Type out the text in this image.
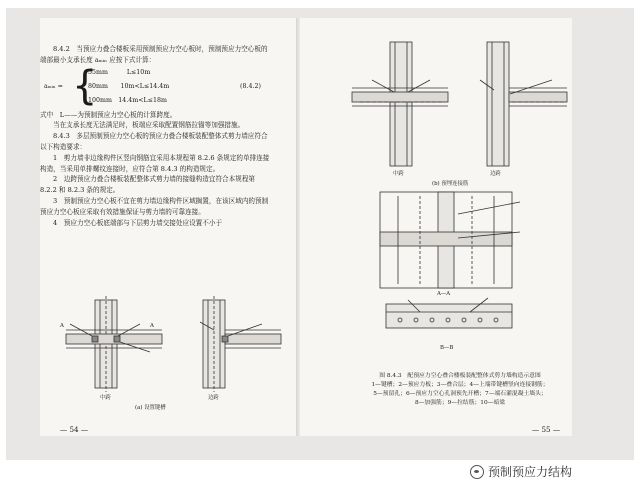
8.4.2　当预应力叠合楼板采用预制预应力空心板时，预制预应力空心板的端部最小支承长度 aₘᵢₙ 应按下式计算：

aₘᵢₙ = {
55mm　　　L≤10m
80mm　　10m<L≤14.4m
100mm　14.4m<L≤18m
(8.4.2)

式中　L——为预制预应力空心板的计算跨度。

当在支承长度无法满足时，板端应采取配置钢筋拉锚等加强措施。

8.4.3　多层预制预应力空心板的预应力叠合楼板装配整体式剪力墙应符合以下构造要求：

1　剪力墙非边缘构件区竖向钢筋宜采用本规程第 8.2.6 条规定的单排连接构造，当采用单排螺纹连接时，应符合第 8.4.3 的构造规定。

2　边跨预应力叠合楼板装配整体式剪力墙的接缝构造宜符合本规程第 8.2.2 和 8.2.3 条的规定。

3　预制预应力空心板不宜在剪力墙边缘构件区域搁置，在该区域内的预制预应力空心板应采取有效措施保证与剪力墙的可靠连接。

4　预应力空心板底端部与下层剪力墙交接处应设置不小于

A	A
中跨	边跨
(a) 设置键槽
— 54 —
中跨	边跨
(b) 预埋连接筋
A—A
B—B
图 8.4.3　配预应力空心叠合楼板装配整体式剪力墙构造示意图
1—键槽；2—预应力板；3—叠合层；4—上端带键槽竖向连接钢筋；
5—预留孔；6—预应力空心孔洞预先开槽；7—端石灌混凝土墙头；
8—加强筋；9—拉结筋；10—暗梁
— 55 —
预制预应力结构
